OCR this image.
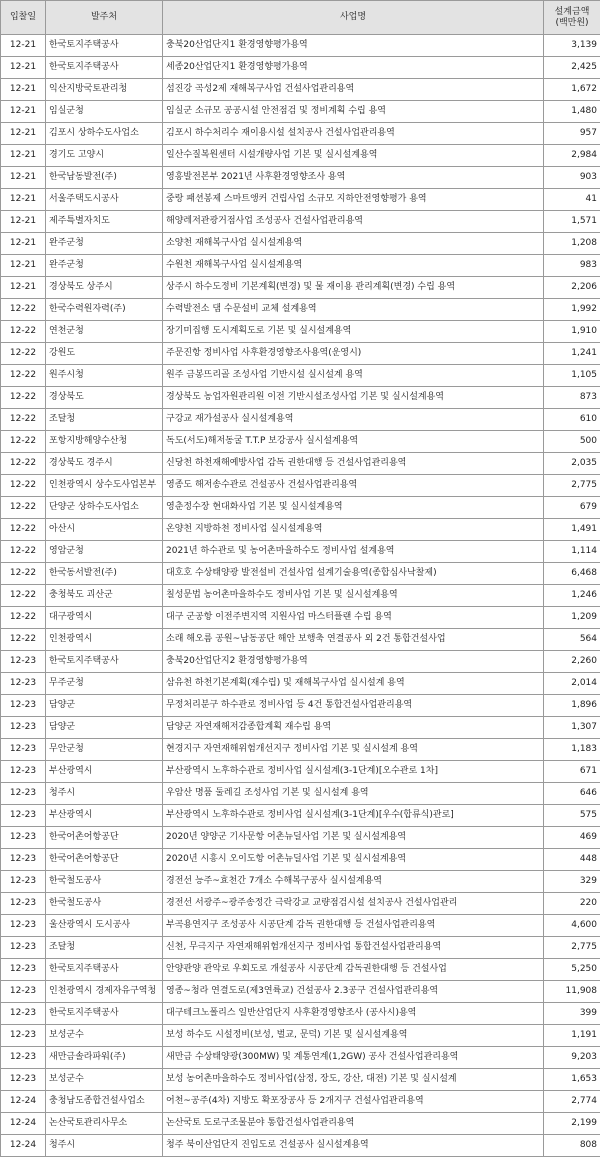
입찰일	발주처	사업명	설계금액
(백만원)

12-21	한국토지주택공사	충북20산업단지1 환경영향평가용역	3,139
12-21	한국토지주택공사	세종20산업단지1 환경영향평가용역	2,425
12-21	익산지방국토관리청	섬진강 곡성2제 재해복구사업 건설사업관리용역	1,672
12-21	임실군청	임실군 소규모 공공시설 안전점검 및 정비계획 수립 용역	1,480
12-21	김포시 상하수도사업소	김포시 하수처리수 재이용시설 설치공사 건설사업관리용역	957
12-21	경기도 고양시	일산수질복원센터 시설개량사업 기본 및 실시설계용역	2,984
12-21	한국남동발전(주)	영흥발전본부 2021년 사후환경영향조사 용역	903
12-21	서울주택도시공사	중랑 패션봉제 스마트앵커 건립사업 소규모 지하안전영향평가 용역	41
12-21	제주특별자치도	해양레저관광거점사업 조성공사 건설사업관리용역	1,571
12-21	완주군청	소양천 재해복구사업 실시설계용역	1,208
12-21	완주군청	수원천 재해복구사업 실시설계용역	983
12-21	경상북도 상주시	상주시 하수도정비 기본계획(변경) 및 물 재이용 관리계획(변경) 수립 용역	2,206
12-22	한국수력원자력(주)	수력발전소 댐 수문설비 교체 설계용역	1,992
12-22	연천군청	장기미집행 도시계획도로 기본 및 실시설계용역	1,910
12-22	강원도	주문진항 정비사업 사후환경영향조사용역(운영시)	1,241
12-22	원주시청	원주 금봉뜨리골 조성사업 기반시설 실시설계 용역	1,105
12-22	경상북도	경상북도 농업자원관리원 이전 기반시설조성사업 기본 및 실시설계용역	873
12-22	조달청	구강교 재가설공사 실시설계용역	610
12-22	포항지방해양수산청	독도(서도)해저동굴 T.T.P 보강공사 실시설계용역	500
12-22	경상북도 경주시	신당천 하천재해예방사업 감독 권한대행 등 건설사업관리용역	2,035
12-22	인천광역시 상수도사업본부	영종도 해저송수관로 건설공사 건설사업관리용역	2,775
12-22	단양군 상하수도사업소	영춘정수장 현대화사업 기본 및 실시설계용역	679
12-22	아산시	온양천 지방하천 정비사업 실시설계용역	1,491
12-22	영암군청	2021년 하수관로 및 농어촌마을하수도 정비사업 설계용역	1,114
12-22	한국동서발전(주)	대호호 수상태양광 발전설비 건설사업 설계기술용역(종합심사낙찰제)	6,468
12-22	충청북도 괴산군	칠성문법 농어촌마을하수도 정비사업 기본 및 실시설계용역	1,246
12-22	대구광역시	대구 군공항 이전주변지역 지원사업 마스터플랜 수립 용역	1,209
12-22	인천광역시	소래 해오름 공원~남동공단 해안 보행축 연결공사 외 2건 통합건설사업	564
12-23	한국토지주택공사	충북20산업단지2 환경영향평가용역	2,260
12-23	무주군청	삼유천 하천기본계획(재수립) 및 재해복구사업 실시설계 용역	2,014
12-23	담양군	무정처리분구 하수관로 정비사업 등 4건 통합건설사업관리용역	1,896
12-23	담양군	담양군 자연재해저감종합계획 재수립 용역	1,307
12-23	무안군청	현경지구 자연재해위험개선지구 정비사업 기본 및 실시설계 용역	1,183
12-23	부산광역시	부산광역시 노후하수관로 정비사업 실시설계(3-1단계)[오수관로 1차]	671
12-23	청주시	우암산 명품 둘레길 조성사업 기본 및 실시설계 용역	646
12-23	부산광역시	부산광역시 노후하수관로 정비사업 실시설계(3-1단계)[우수(합류식)관로]	575
12-23	한국어촌어항공단	2020년 양양군 기사문항 어촌뉴딜사업 기본 및 실시설계용역	469
12-23	한국어촌어항공단	2020년 시흥시 오이도항 어촌뉴딜사업 기본 및 실시설계용역	448
12-23	한국철도공사	경전선 능주~효천간 7개소 수해복구공사 실시설계용역	329
12-23	한국철도공사	경전선 서광주~광주송정간 극락강교 교량점검시설 설치공사 건설사업관리	220
12-23	울산광역시 도시공사	부곡용연지구 조성공사 시공단계 감독 권한대행 등 건설사업관리용역	4,600
12-23	조달청	신천, 무극지구 자연재해위험개선지구 정비사업 통합건설사업관리용역	2,775
12-23	한국토지주택공사	안양관양 관악로 우회도로 개설공사 시공단계 감독권한대행 등 건설사업	5,250
12-23	인천광역시 경제자유구역청	영종~청라 연결도로(제3연륙교) 건설공사 2.3공구 건설사업관리용역	11,908
12-23	한국토지주택공사	대구테크노폴리스 일반산업단지 사후환경영향조사 (공사시)용역	399
12-23	보성군수	보성 하수도 시설정비(보성, 벌교, 문덕) 기본 및 실시설계용역	1,191
12-23	새만금솔라파워(주)	새만금 수상태양광(300MW) 및 계통연계(1,2GW) 공사 건설사업관리용역	9,203
12-23	보성군수	보성 농어촌마을하수도 정비사업(삼정, 장도, 강산, 대전) 기본 및 실시설계	1,653
12-24	충청남도종합건설사업소	어천~공주(4차) 지방도 확포장공사 등 2개지구 건설사업관리용역	2,774
12-24	논산국토관리사무소	논산국토 도로구조물분야 통합건설사업관리용역	2,199
12-24	청주시	청주 북이산업단지 진입도로 건설공사 실시설계용역	808
